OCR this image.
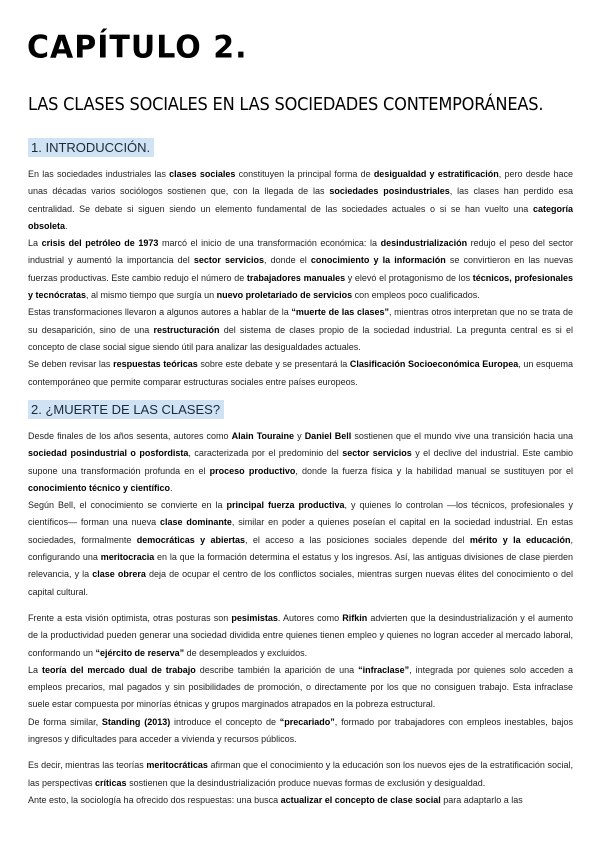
CAPÍTULO 2.
LAS CLASES SOCIALES EN LAS SOCIEDADES CONTEMPORÁNEAS.
1. INTRODUCCIÓN.

En las sociedades industriales las clases sociales constituyen la principal forma de desigualdad y estratificación, pero desde hace unas décadas varios sociólogos sostienen que, con la llegada de las sociedades posindustriales, las clases han perdido esa centralidad. Se debate si siguen siendo un elemento fundamental de las sociedades actuales o si se han vuelto una categoría obsoleta.

La crisis del petróleo de 1973 marcó el inicio de una transformación económica: la desindustrialización redujo el peso del sector industrial y aumentó la importancia del sector servicios, donde el conocimiento y la información se convirtieron en las nuevas fuerzas productivas. Este cambio redujo el número de trabajadores manuales y elevó el protagonismo de los técnicos, profesionales y tecnócratas, al mismo tiempo que surgía un nuevo proletariado de servicios con empleos poco cualificados.

Estas transformaciones llevaron a algunos autores a hablar de la “muerte de las clases”, mientras otros interpretan que no se trata de su desaparición, sino de una restructuración del sistema de clases propio de la sociedad industrial. La pregunta central es si el concepto de clase social sigue siendo útil para analizar las desigualdades actuales.

Se deben revisar las respuestas teóricas sobre este debate y se presentará la Clasificación Socioeconómica Europea, un esquema contemporáneo que permite comparar estructuras sociales entre países europeos.

2. ¿MUERTE DE LAS CLASES?

Desde finales de los años sesenta, autores como Alain Touraine y Daniel Bell sostienen que el mundo vive una transición hacia una sociedad posindustrial o posfordista, caracterizada por el predominio del sector servicios y el declive del industrial. Este cambio supone una transformación profunda en el proceso productivo, donde la fuerza física y la habilidad manual se sustituyen por el conocimiento técnico y científico.

Según Bell, el conocimiento se convierte en la principal fuerza productiva, y quienes lo controlan —los técnicos, profesionales y científicos— forman una nueva clase dominante, similar en poder a quienes poseían el capital en la sociedad industrial. En estas sociedades, formalmente democráticas y abiertas, el acceso a las posiciones sociales depende del mérito y la educación, configurando una meritocracia en la que la formación determina el estatus y los ingresos. Así, las antiguas divisiones de clase pierden relevancia, y la clase obrera deja de ocupar el centro de los conflictos sociales, mientras surgen nuevas élites del conocimiento o del capital cultural.

Frente a esta visión optimista, otras posturas son pesimistas. Autores como Rifkin advierten que la desindustrialización y el aumento de la productividad pueden generar una sociedad dividida entre quienes tienen empleo y quienes no logran acceder al mercado laboral, conformando un “ejército de reserva” de desempleados y excluidos.

La teoría del mercado dual de trabajo describe también la aparición de una “infraclase”, integrada por quienes solo acceden a empleos precarios, mal pagados y sin posibilidades de promoción, o directamente por los que no consiguen trabajo. Esta infraclase suele estar compuesta por minorías étnicas y grupos marginados atrapados en la pobreza estructural.

De forma similar, Standing (2013) introduce el concepto de “precariado”, formado por trabajadores con empleos inestables, bajos ingresos y dificultades para acceder a vivienda y recursos públicos.

Es decir, mientras las teorías meritocráticas afirman que el conocimiento y la educación son los nuevos ejes de la estratificación social, las perspectivas críticas sostienen que la desindustrialización produce nuevas formas de exclusión y desigualdad.

Ante esto, la sociología ha ofrecido dos respuestas: una busca actualizar el concepto de clase social para adaptarlo a las
